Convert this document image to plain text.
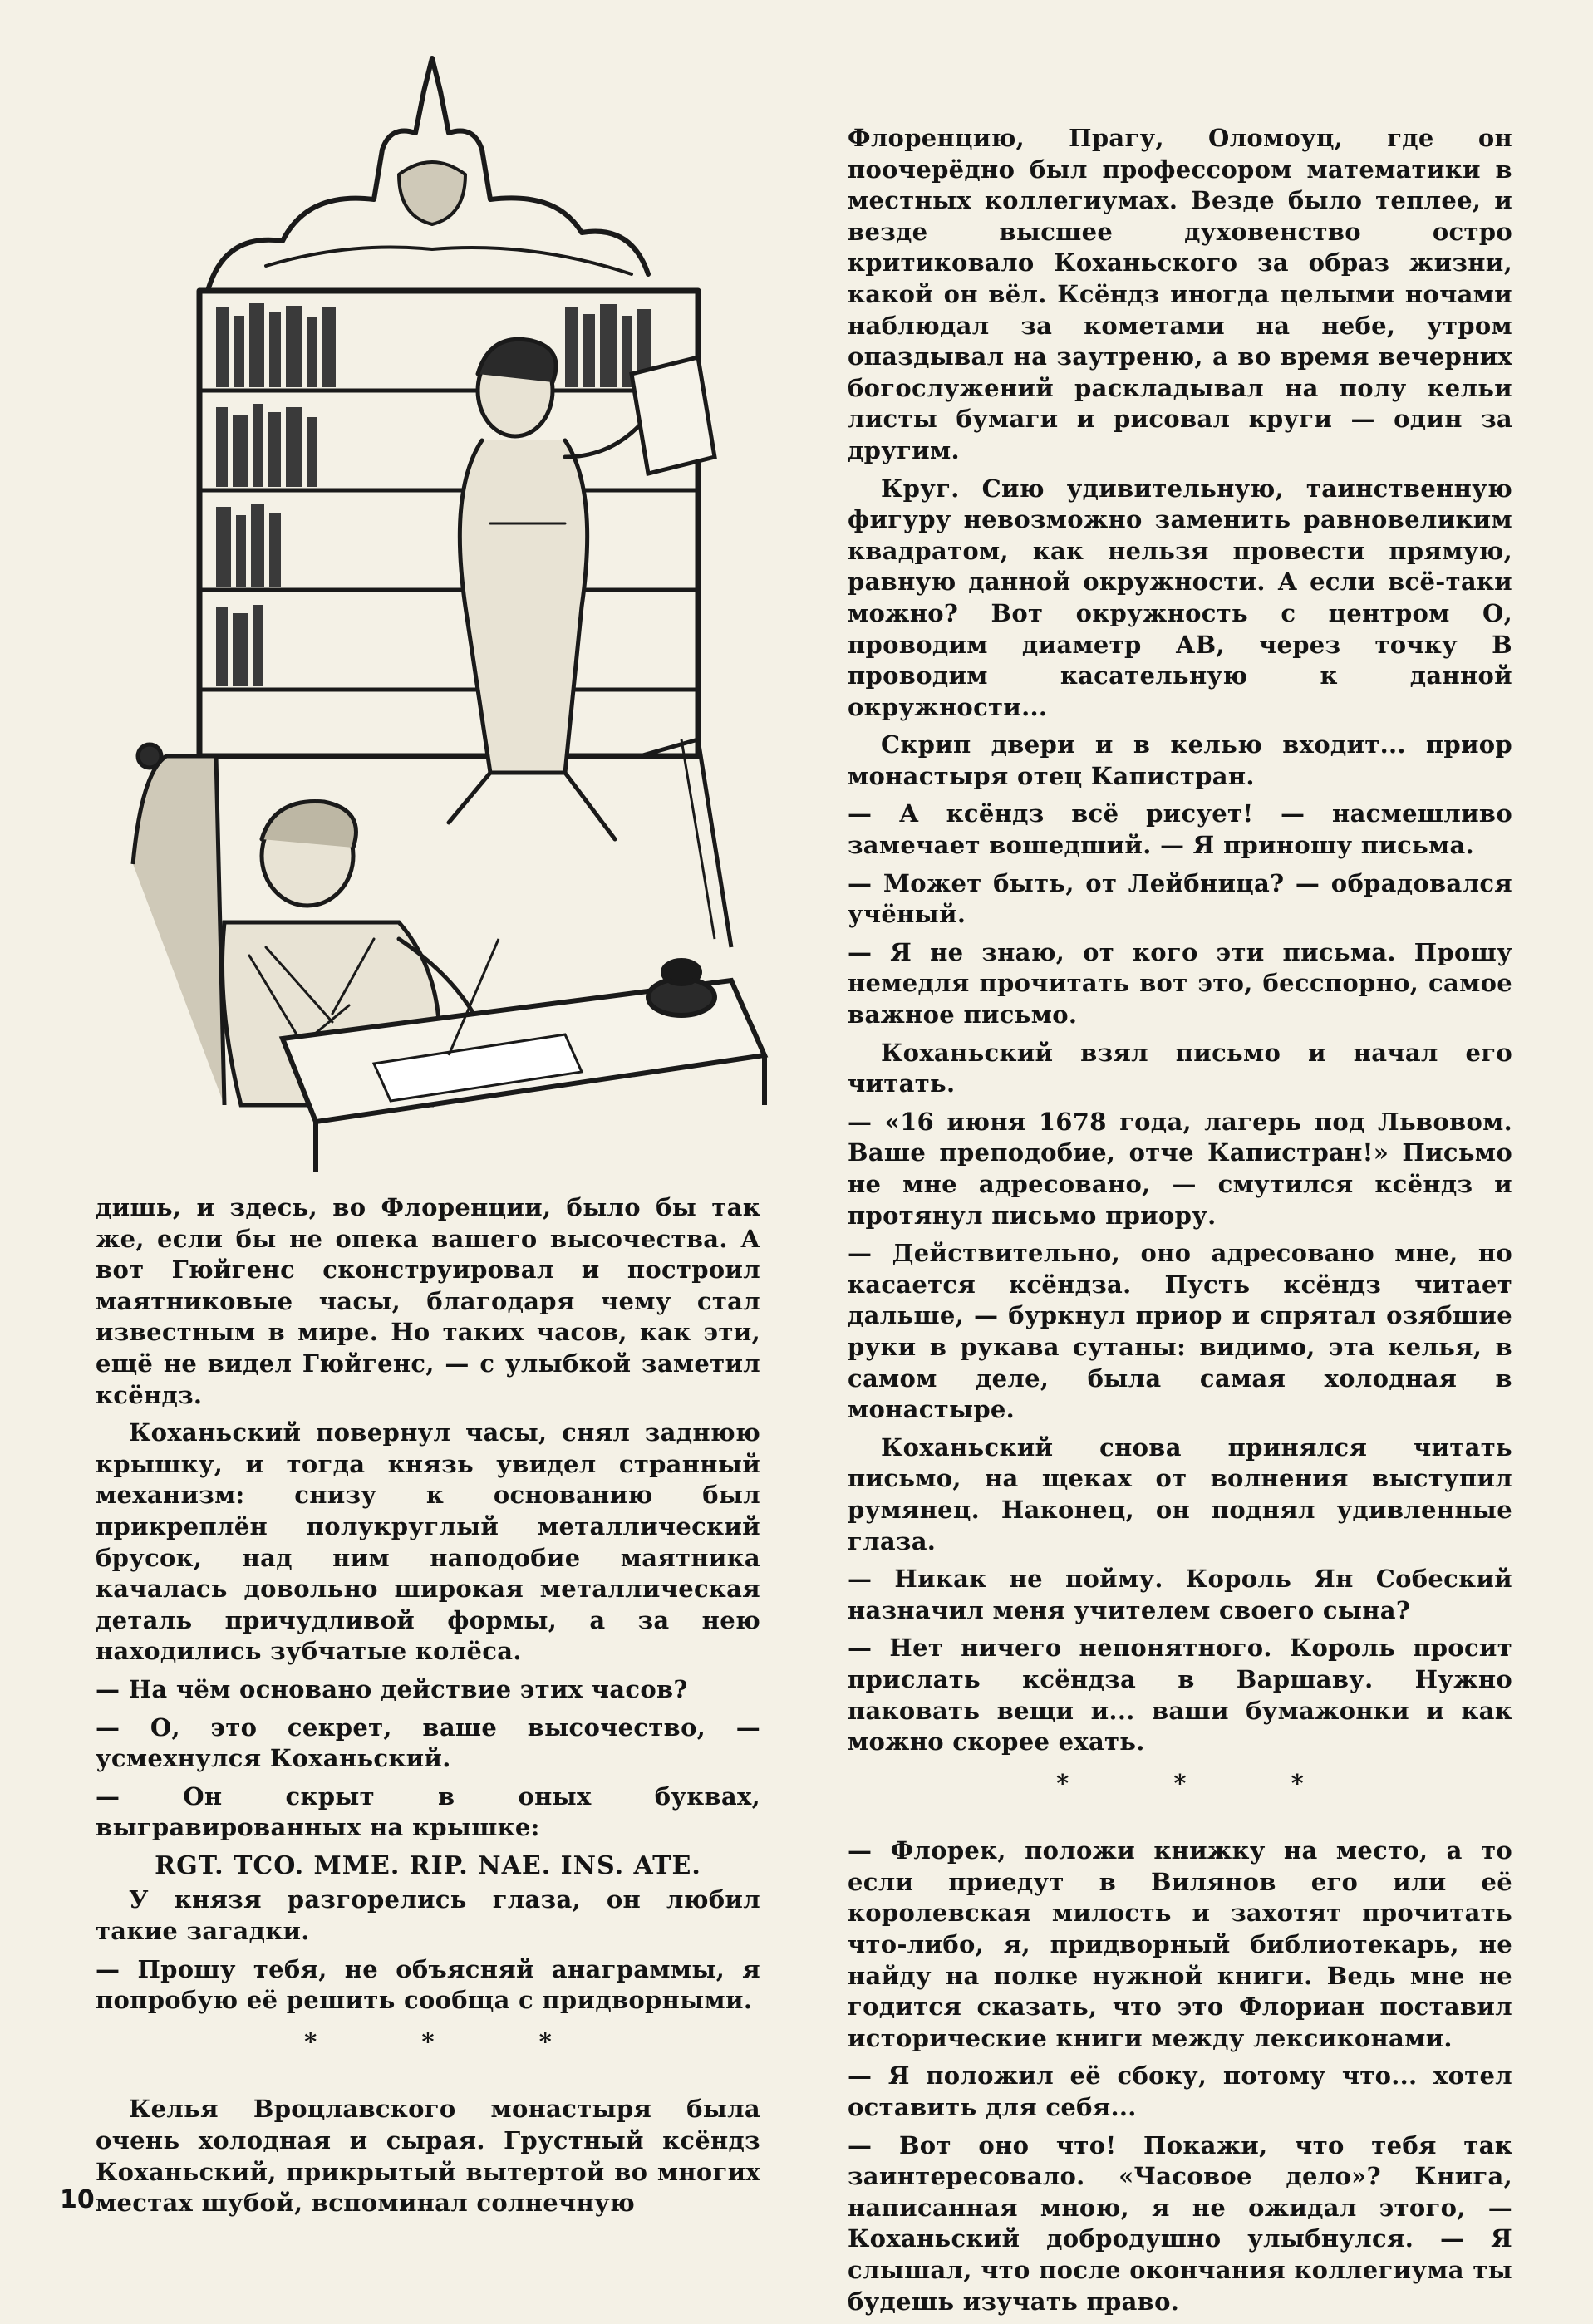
дишь, и здесь, во Флоренции, было бы так же, если бы не опека вашего высочества. А вот Гюйгенс сконструировал и построил маятниковые часы, благодаря чему стал известным в мире. Но таких часов, как эти, ещё не видел Гюйгенс, — с улыбкой заметил ксёндз.

Коханьский повернул часы, снял заднюю крышку, и тогда князь увидел странный механизм: снизу к основанию был прикреплён полукруглый металлический брусок, над ним наподобие маятника качалась довольно широкая металлическая деталь причудливой формы, а за нею находились зубчатые колёса.

— На чём основано действие этих часов?

— О, это секрет, ваше высочество, — усмехнулся Коханьский.

— Он скрыт в оных буквах, выгравированных на крышке:

RGT. TCO. MME. RIP. NAE. INS. ATE.

У князя разгорелись глаза, он любил такие загадки.

— Прошу тебя, не объясняй анаграммы, я попробую её решить сообща с придворными.

* * *

Келья Вроцлавского монастыря была очень холодная и сырая. Грустный ксёндз Коханьский, прикрытый вытертой во многих местах шубой, вспоминал солнечную

Флоренцию, Прагу, Оломоуц, где он поочерёдно был профессором математики в местных коллегиумах. Везде было теплее, и везде высшее духовенство остро критиковало Коханьского за образ жизни, какой он вёл. Ксёндз иногда целыми ночами наблюдал за кометами на небе, утром опаздывал на заутреню, а во время вечерних богослужений раскладывал на полу кельи листы бумаги и рисовал круги — один за другим.

Круг. Сию удивительную, таинственную фигуру невозможно заменить равновеликим квадратом, как нельзя провести прямую, равную данной окружности. А если всё-таки можно? Вот окружность с центром О, проводим диаметр АВ, через точку В проводим касательную к данной окружности...

Скрип двери и в келью входит... приор монастыря отец Капистран.

— А ксёндз всё рисует! — насмешливо замечает вошедший. — Я приношу письма.

— Может быть, от Лейбница? — обрадовался учёный.

— Я не знаю, от кого эти письма. Прошу немедля прочитать вот это, бесспорно, самое важное письмо.

Коханьский взял письмо и начал его читать.

— «16 июня 1678 года, лагерь под Львовом. Ваше преподобие, отче Капистран!» Письмо не мне адресовано, — смутился ксёндз и протянул письмо приору.

— Действительно, оно адресовано мне, но касается ксёндза. Пусть ксёндз читает дальше, — буркнул приор и спрятал озябшие руки в рукава сутаны: видимо, эта келья, в самом деле, была самая холодная в монастыре.

Коханьский снова принялся читать письмо, на щеках от волнения выступил румянец. Наконец, он поднял удивленные глаза.

— Никак не пойму. Король Ян Собеский назначил меня учителем своего сына?

— Нет ничего непонятного. Король просит прислать ксёндза в Варшаву. Нужно паковать вещи и... ваши бумажонки и как можно скорее ехать.

* * *

— Флорек, положи книжку на место, а то если приедут в Вилянов его или её королевская милость и захотят прочитать что-либо, я, придворный библиотекарь, не найду на полке нужной книги. Ведь мне не годится сказать, что это Флориан поставил исторические книги между лексиконами.

— Я положил её сбоку, потому что... хотел оставить для себя...

— Вот оно что! Покажи, что тебя так заинтересовало. «Часовое дело»? Книга, написанная мною, я не ожидал этого, — Коханьский добродушно улыбнулся. — Я слышал, что после окончания коллегиума ты будешь изучать право.

10
